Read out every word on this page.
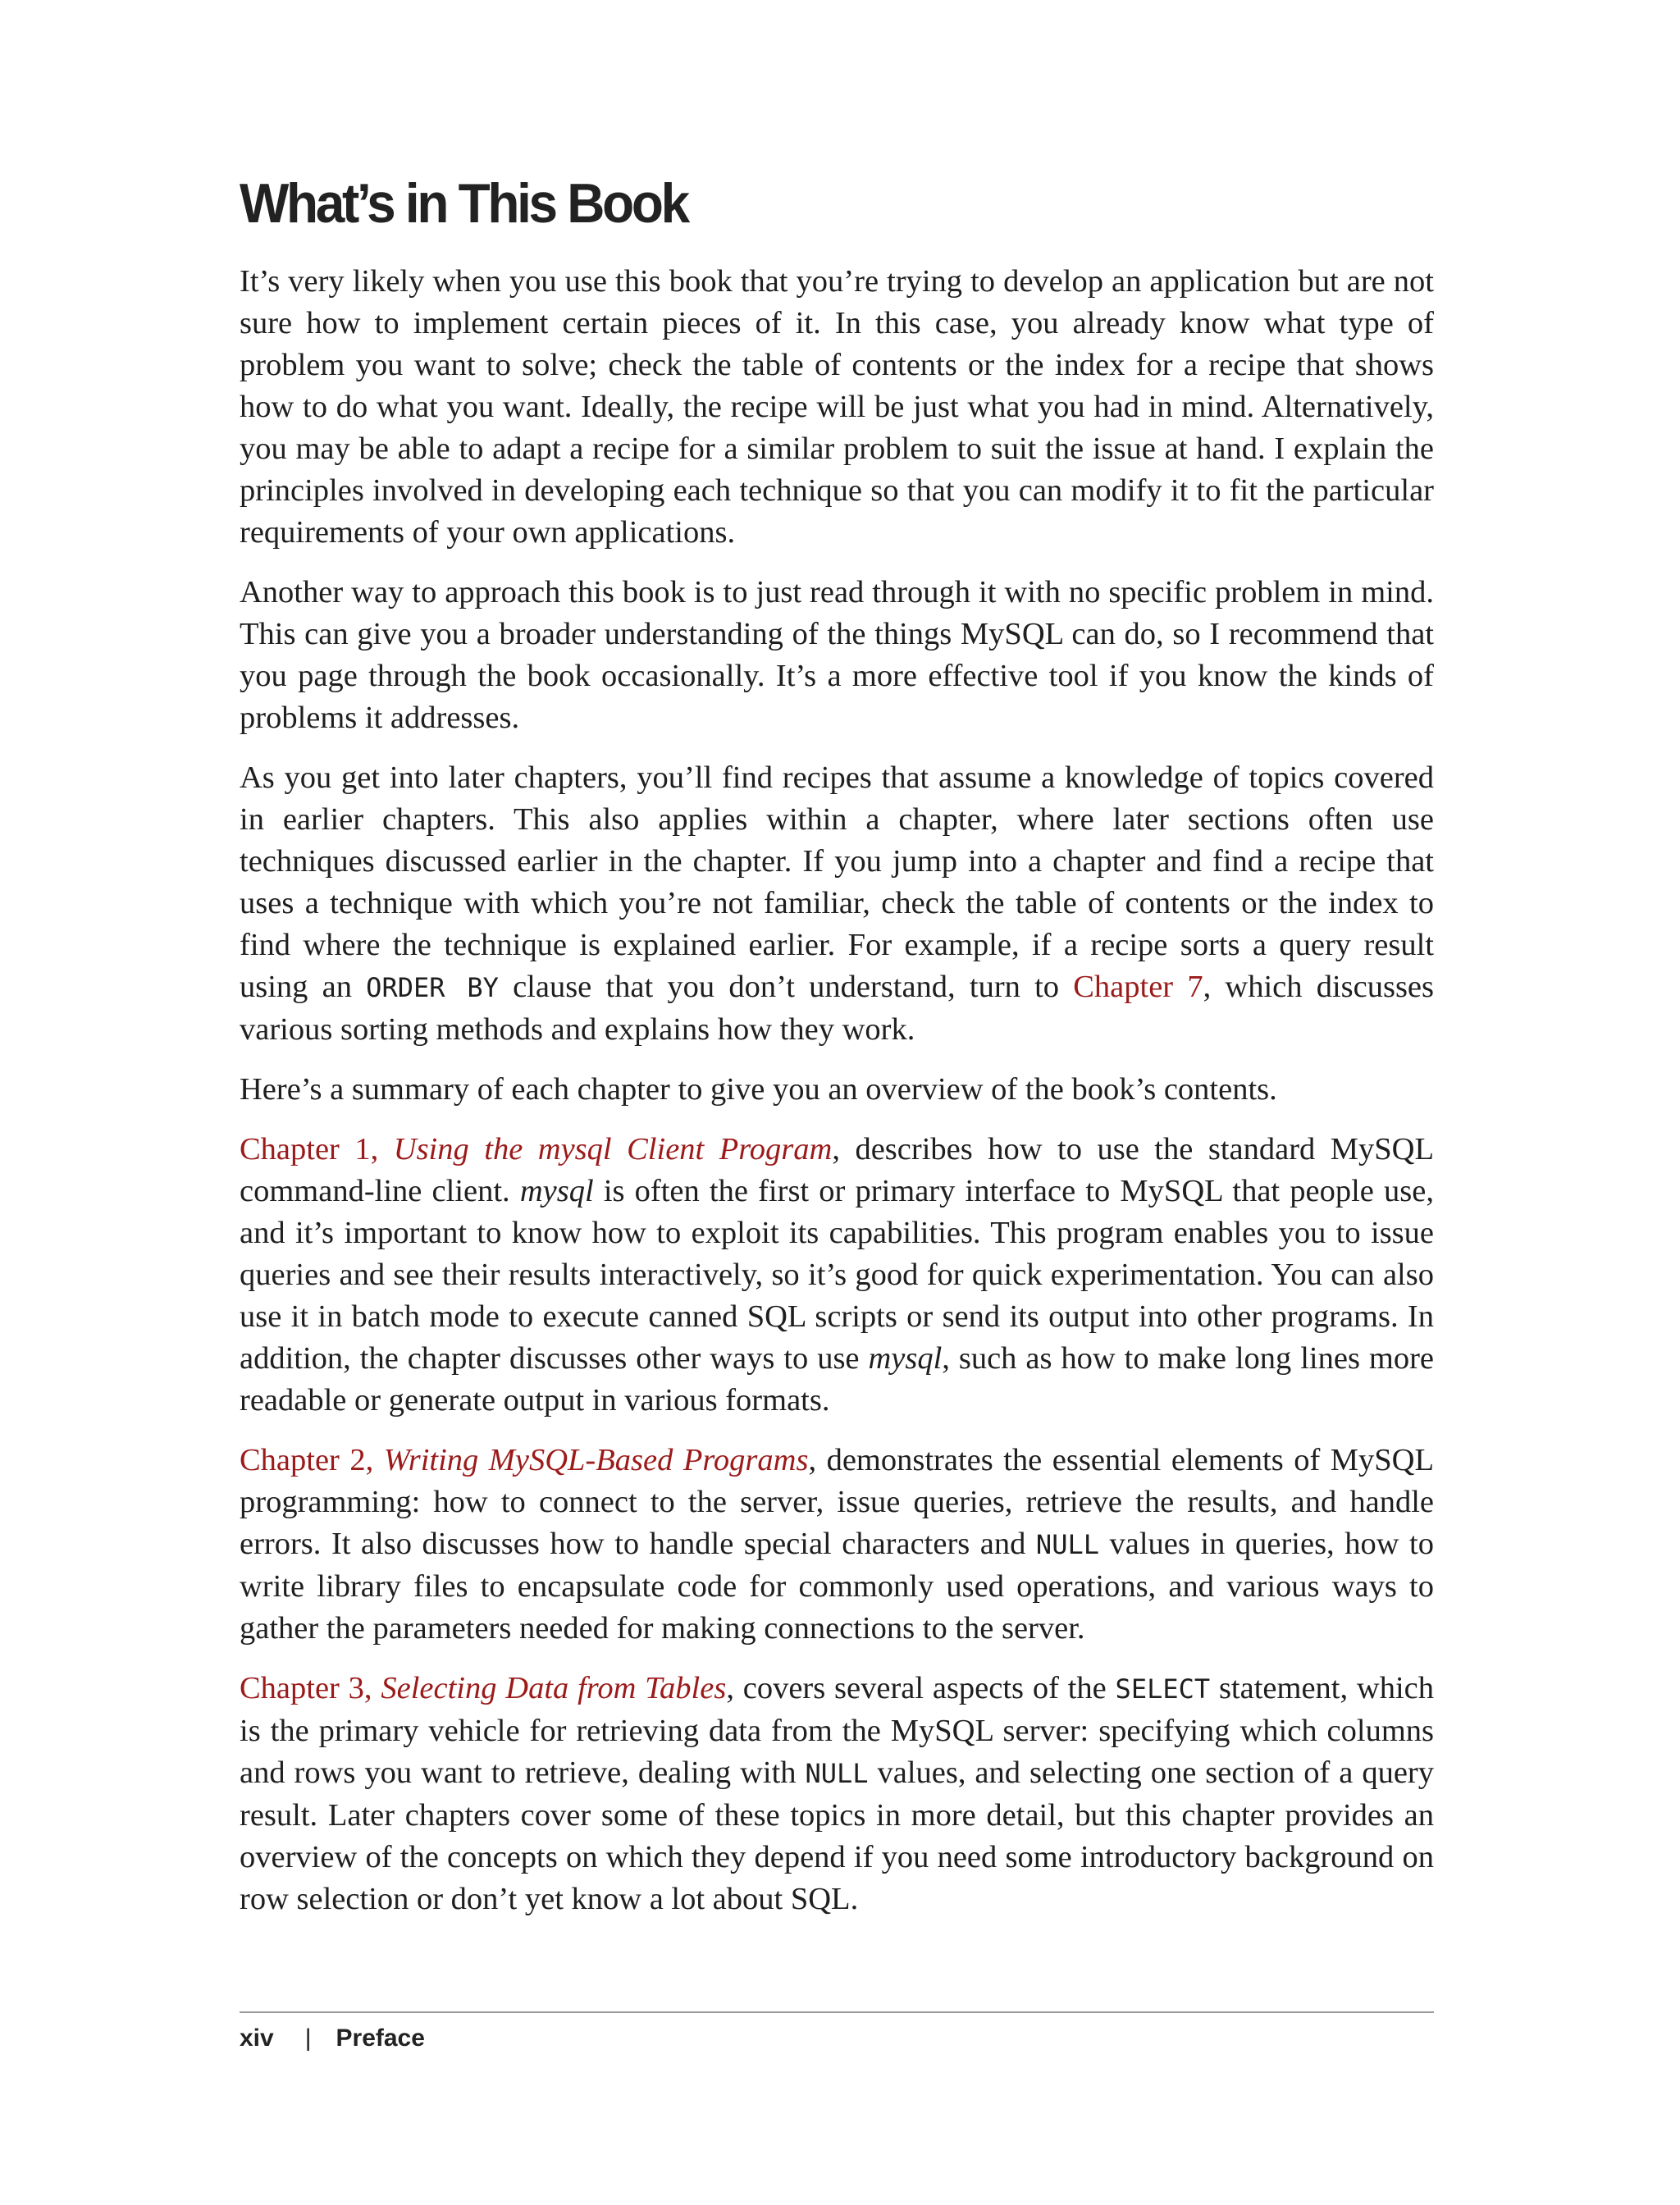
What’s in This Book

It’s very likely when you use this book that you’re trying to develop an application but are not sure how to implement certain pieces of it. In this case, you already know what type of problem you want to solve; check the table of contents or the index for a recipe that shows how to do what you want. Ideally, the recipe will be just what you had in mind. Alternatively, you may be able to adapt a recipe for a similar problem to suit the issue at hand. I explain the principles involved in developing each technique so that you can modify it to fit the particular requirements of your own applications.

Another way to approach this book is to just read through it with no specific problem in mind. This can give you a broader understanding of the things MySQL can do, so I recommend that you page through the book occasionally. It’s a more effective tool if you know the kinds of problems it addresses.

As you get into later chapters, you’ll find recipes that assume a knowledge of topics covered in earlier chapters. This also applies within a chapter, where later sections often use techniques discussed earlier in the chapter. If you jump into a chapter and find a recipe that uses a technique with which you’re not familiar, check the table of contents or the index to find where the technique is explained earlier. For example, if a recipe sorts a query result using an ORDER BY clause that you don’t understand, turn to Chapter 7, which discusses various sorting methods and explains how they work.

Here’s a summary of each chapter to give you an overview of the book’s contents.

Chapter 1, Using the mysql Client Program, describes how to use the standard MySQL command-line client. mysql is often the first or primary interface to MySQL that people use, and it’s important to know how to exploit its capabilities. This program enables you to issue queries and see their results interactively, so it’s good for quick experimentation. You can also use it in batch mode to execute canned SQL scripts or send its output into other programs. In addition, the chapter discusses other ways to use mysql, such as how to make long lines more readable or generate output in various formats.

Chapter 2, Writing MySQL-Based Programs, demonstrates the essential elements of MySQL programming: how to connect to the server, issue queries, retrieve the results, and handle errors. It also discusses how to handle special characters and NULL values in queries, how to write library files to encapsulate code for commonly used operations, and various ways to gather the parameters needed for making connections to the server.

Chapter 3, Selecting Data from Tables, covers several aspects of the SELECT statement, which is the primary vehicle for retrieving data from the MySQL server: specifying which columns and rows you want to retrieve, dealing with NULL values, and selecting one section of a query result. Later chapters cover some of these topics in more detail, but this chapter provides an overview of the concepts on which they depend if you need some introductory background on row selection or don’t yet know a lot about SQL.

xiv | Preface
